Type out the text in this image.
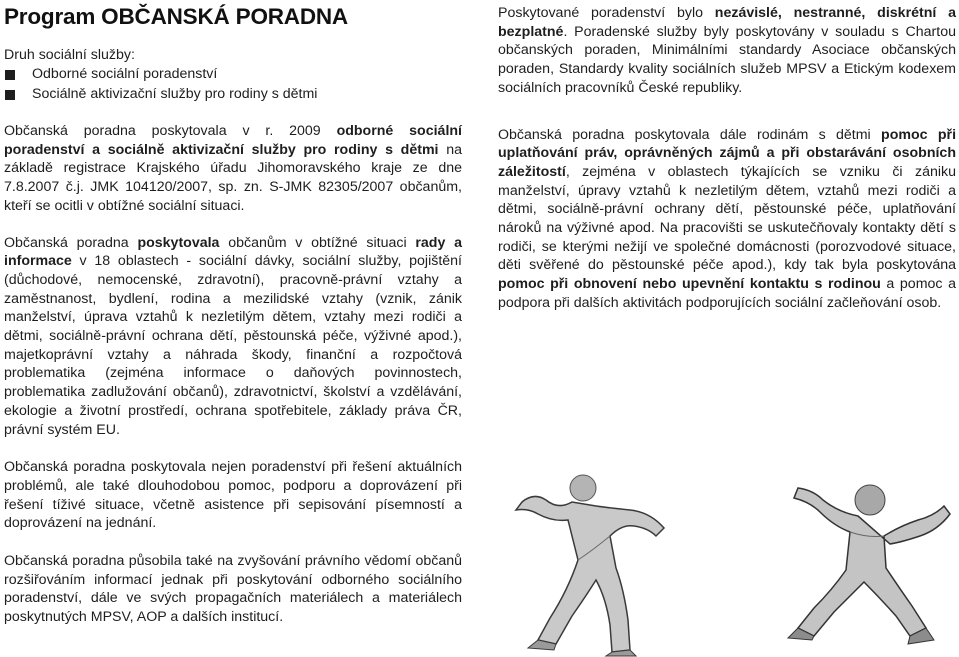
Program OBČANSKÁ PORADNA
Druh sociální služby:
Odborné sociální poradenství
Sociálně aktivizační služby pro rodiny s dětmi

Občanská poradna poskytovala v r. 2009 odborné sociální poradenství a sociálně aktivizační služby pro rodiny s dětmi na základě registrace Krajského úřadu Jihomoravského kraje ze dne 7.8.2007 č.j. JMK 104120/2007, sp. zn. S-JMK 82305/2007 občanům, kteří se ocitli v obtížné sociální situaci.

Občanská poradna poskytovala občanům v obtížné situaci rady a informace v 18 oblastech - sociální dávky, sociální služby, pojištění (důchodové, nemocenské, zdravotní), pracovně-právní vztahy a zaměstnanost, bydlení, rodina a mezilidské vztahy (vznik, zánik manželství, úprava vztahů k nezletilým dětem, vztahy mezi rodiči a dětmi, sociálně-právní ochrana dětí, pěstounská péče, výživné apod.), majetkoprávní vztahy a náhrada škody, finanční a rozpočtová problematika (zejména informace o daňových povinnostech, problematika zadlužování občanů), zdravotnictví, školství a vzdělávání, ekologie a životní prostředí, ochrana spotřebitele, základy práva ČR, právní systém EU.

Občanská poradna poskytovala nejen poradenství při řešení aktuálních problémů, ale také dlouhodobou pomoc, podporu a doprovázení při řešení tíživé situace, včetně asistence při sepisování písemností a doprovázení na jednání.

Občanská poradna působila také na zvyšování právního vědomí občanů rozšiřováním informací jednak při poskytování odborného sociálního poradenství, dále ve svých propagačních materiálech a materiálech poskytnutých MPSV, AOP a dalších institucí.

Poskytované poradenství bylo nezávislé, nestranné, diskrétní a bezplatné. Poradenské služby byly poskytovány v souladu s Chartou občanských poraden, Minimálními standardy Asociace občanských poraden, Standardy kvality sociálních služeb MPSV a Etickým kodexem sociálních pracovníků České republiky.

Občanská poradna poskytovala dále rodinám s dětmi pomoc při uplatňování práv, oprávněných zájmů a při obstarávání osobních záležitostí, zejména v oblastech týkajících se vzniku či zániku manželství, úpravy vztahů k nezletilým dětem, vztahů mezi rodiči a dětmi, sociálně-právní ochrany dětí, pěstounské péče, uplatňování nároků na výživné apod. Na pracovišti se uskutečňovaly kontakty dětí s rodiči, se kterými nežijí ve společné domácnosti (porozvodové situace, děti svěřené do pěstounské péče apod.), kdy tak byla poskytována pomoc při obnovení nebo upevnění kontaktu s rodinou a pomoc a podpora při dalších aktivitách podporujících sociální začleňování osob.
